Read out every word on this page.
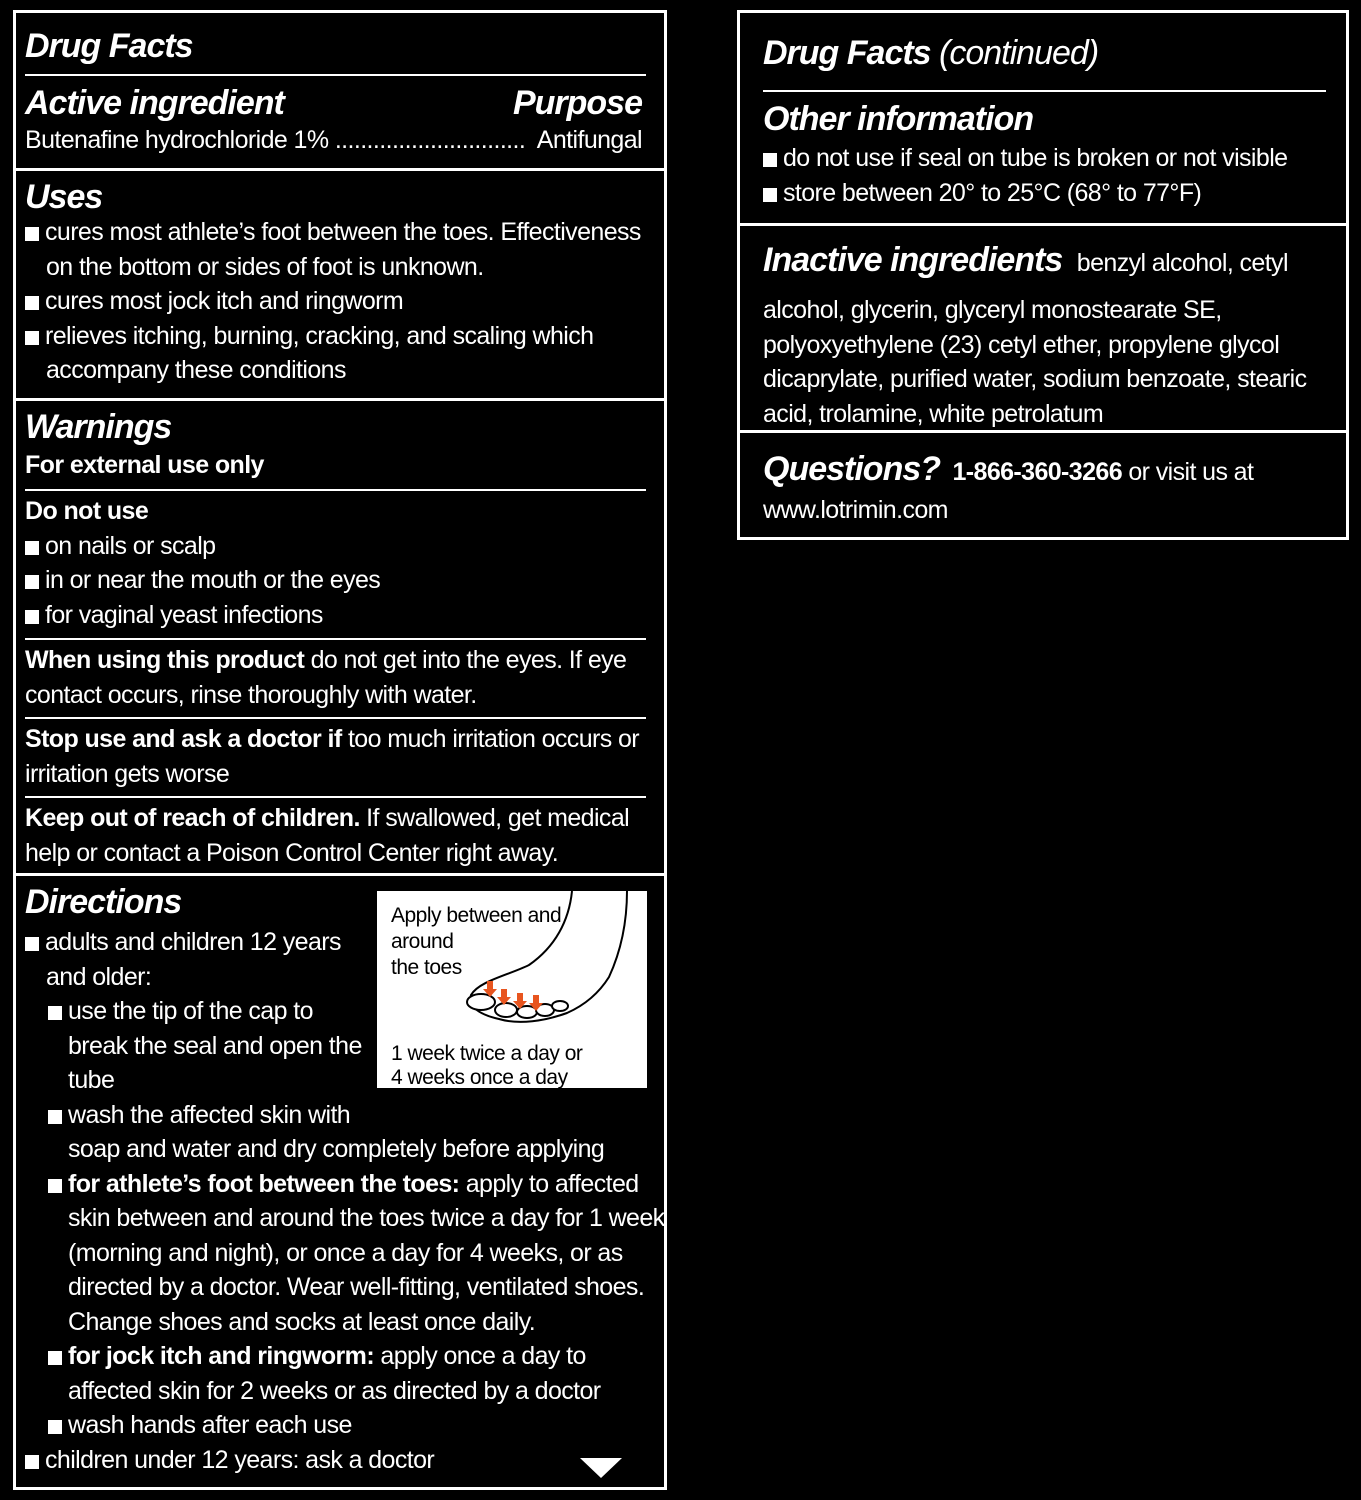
Drug Facts
Active ingredient	Purpose
Butenafine hydrochloride 1% .............................. Antifungal
Uses
cures most athlete’s foot between the toes. Effectiveness
on the bottom or sides of foot is unknown.
cures most jock itch and ringworm
relieves itching, burning, cracking, and scaling which
accompany these conditions
Warnings
For external use only
Do not use
on nails or scalp
in or near the mouth or the eyes
for vaginal yeast infections
When using this product do not get into the eyes. If eye
contact occurs, rinse thoroughly with water.
Stop use and ask a doctor if too much irritation occurs or
irritation gets worse
Keep out of reach of children. If swallowed, get medical
help or contact a Poison Control Center right away.
Directions
adults and children 12 years
and older:
use the tip of the cap to
break the seal and open the
tube
wash the affected skin with
soap and water and dry completely before applying
for athlete’s foot between the toes: apply to affected
skin between and around the toes twice a day for 1 week
(morning and night), or once a day for 4 weeks, or as
directed by a doctor. Wear well-fitting, ventilated shoes.
Change shoes and socks at least once daily.
for jock itch and ringworm: apply once a day to
affected skin for 2 weeks or as directed by a doctor
wash hands after each use
children under 12 years: ask a doctor
Apply between and
around
the toes
1 week twice a day or
4 weeks once a day
Drug Facts (continued)
Other information
do not use if seal on tube is broken or not visible
store between 20° to 25°C (68° to 77°F)
Inactive ingredients benzyl alcohol, cetyl
alcohol, glycerin, glyceryl monostearate SE,
polyoxyethylene (23) cetyl ether, propylene glycol
dicaprylate, purified water, sodium benzoate, stearic
acid, trolamine, white petrolatum
Questions? 1-866-360-3266 or visit us at
www.lotrimin.com
